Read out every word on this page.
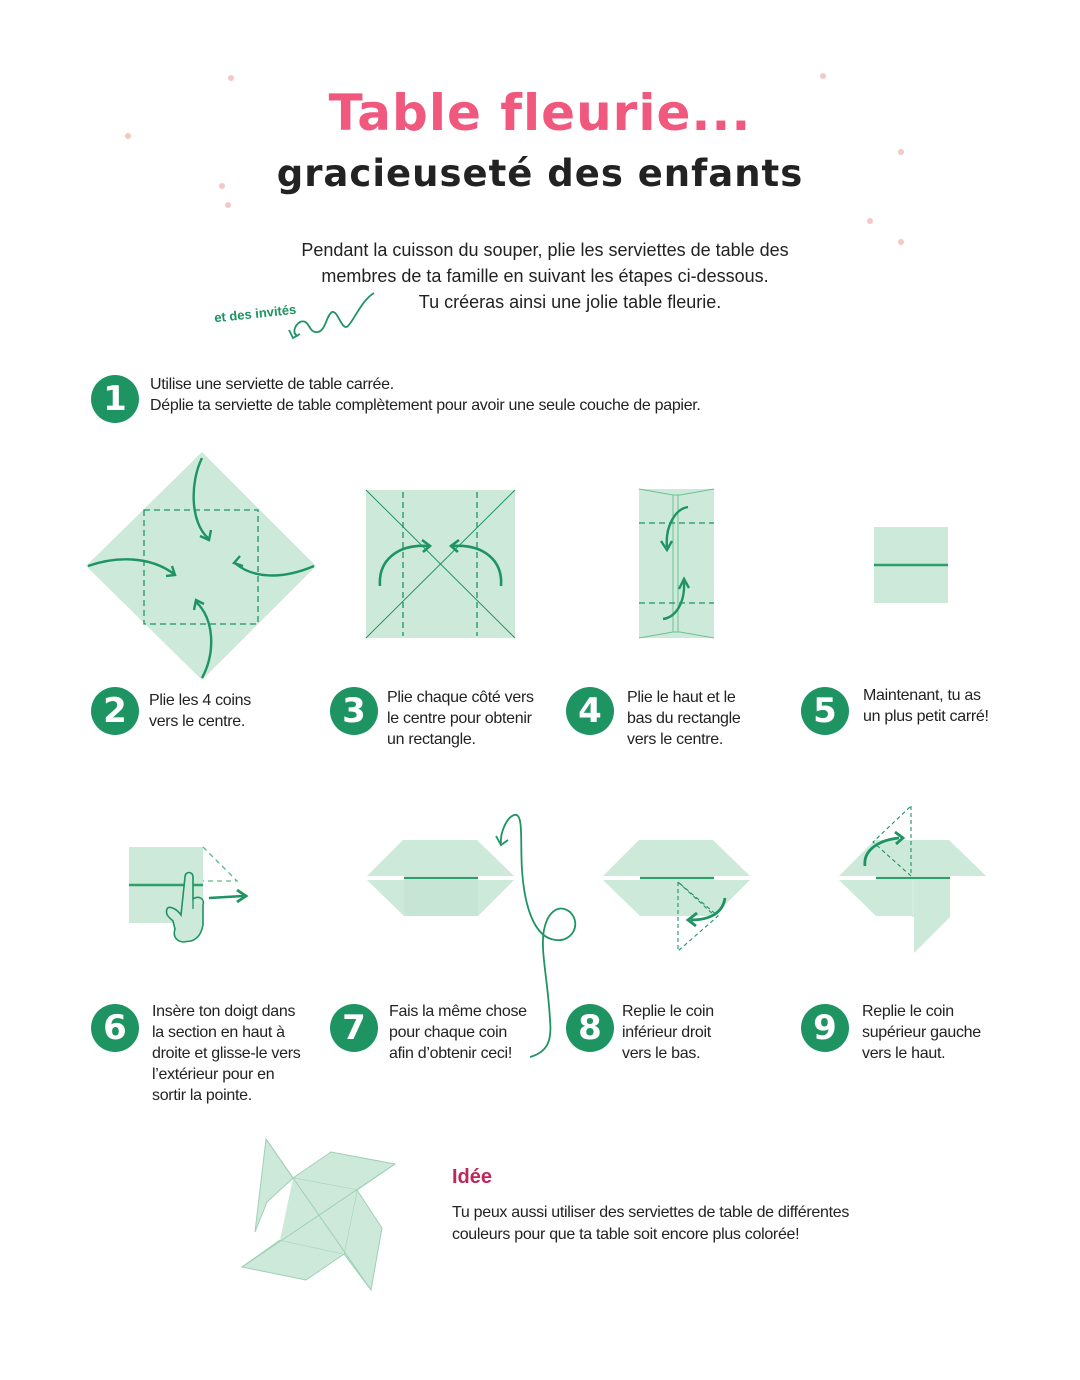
Table fleurie...
gracieuseté des enfants
Pendant la cuisson du souper, plie les serviettes de table des
membres de ta famille en suivant les étapes ci-dessous.
Tu créeras ainsi une jolie table fleurie.
et des invités
1	Utilise une serviette de table carrée.
Déplie ta serviette de table complètement pour avoir une seule couche de papier.
2	Plie les 4 coins
vers le centre.	3	Plie chaque côté vers
le centre pour obtenir
un rectangle.
4	Plie le haut et le
bas du rectangle
vers le centre.
5	Maintenant, tu as
un plus petit carré!
6	Insère ton doigt dans
la section en haut à
droite et glisse-le vers
l’extérieur pour en
sortir la pointe.
7	Fais la même chose
pour chaque coin
afin d’obtenir ceci!
8	Replie le coin
inférieur droit
vers le bas.
9	Replie le coin
supérieur gauche
vers le haut.
Idée
Tu peux aussi utiliser des serviettes de table de différentes
couleurs pour que ta table soit encore plus colorée!
